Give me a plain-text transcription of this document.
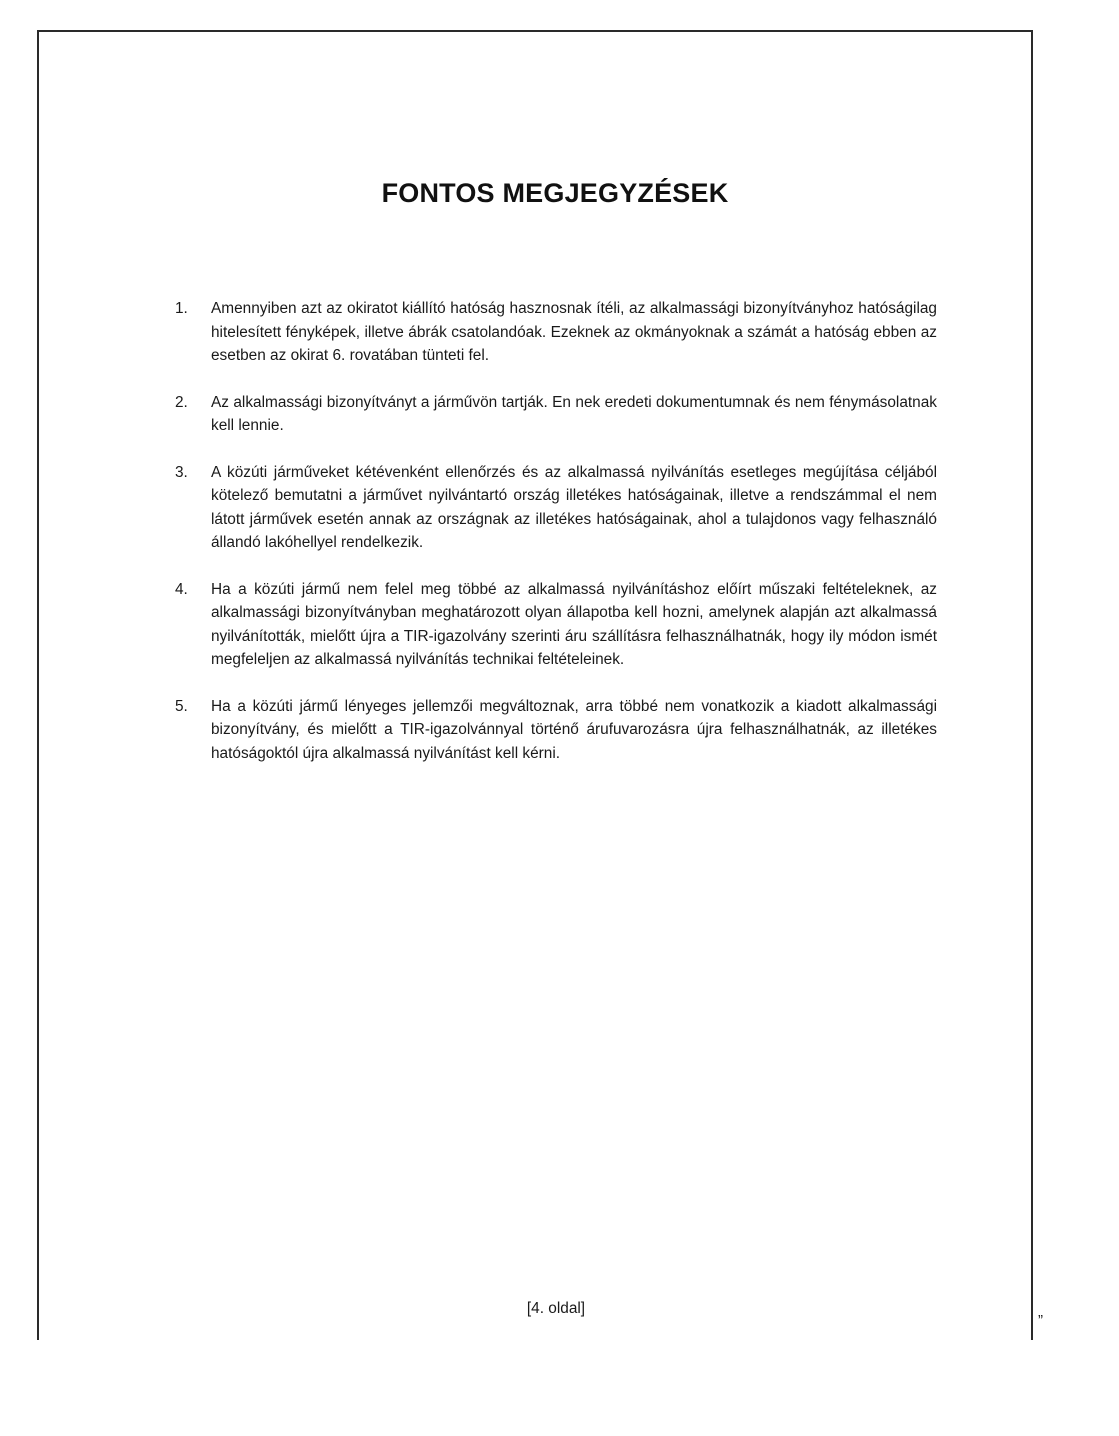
FONTOS MEGJEGYZÉSEK
1. Amennyiben azt az okiratot kiállító hatóság hasznosnak ítéli, az alkalmassági bizonyítványhoz hatóságilag hitelesített fényképek, illetve ábrák csatolandóak. Ezeknek az okmányoknak a számát a hatóság ebben az esetben az okirat 6. rovatában tünteti fel.
2. Az alkalmassági bizonyítványt a járművön tartják. En nek eredeti dokumentumnak és nem fénymásolatnak kell lennie.
3. A közúti járműveket kétévenként ellenőrzés és az alkalmassá nyilvánítás esetleges megújítása céljából kötelező bemutatni a járművet nyilvántartó ország illetékes hatóságainak, illetve a rendszámmal el nem látott járművek esetén annak az országnak az illetékes hatóságainak, ahol a tulajdonos vagy felhasználó állandó lakóhellyel rendelkezik.
4. Ha a közúti jármű nem felel meg többé az alkalmassá nyilvánításhoz előírt műszaki feltételeknek, az alkalmassági bizonyítványban meghatározott olyan állapotba kell hozni, amelynek alapján azt alkalmassá nyilvánították, mielőtt újra a TIR-igazolvány szerinti áru szállításra felhasználhatnák, hogy ily módon ismét megfeleljen az alkalmassá nyilvánítás technikai feltételeinek.
5. Ha a közúti jármű lényeges jellemzői megváltoznak, arra többé nem vonatkozik a kiadott alkalmassági bizonyítvány, és mielőtt a TIR-igazolvánnyal történő árufuvarozásra újra felhasználhatnák, az illetékes hatóságoktól újra alkalmassá nyilvánítást kell kérni.
[4. oldal]
”
